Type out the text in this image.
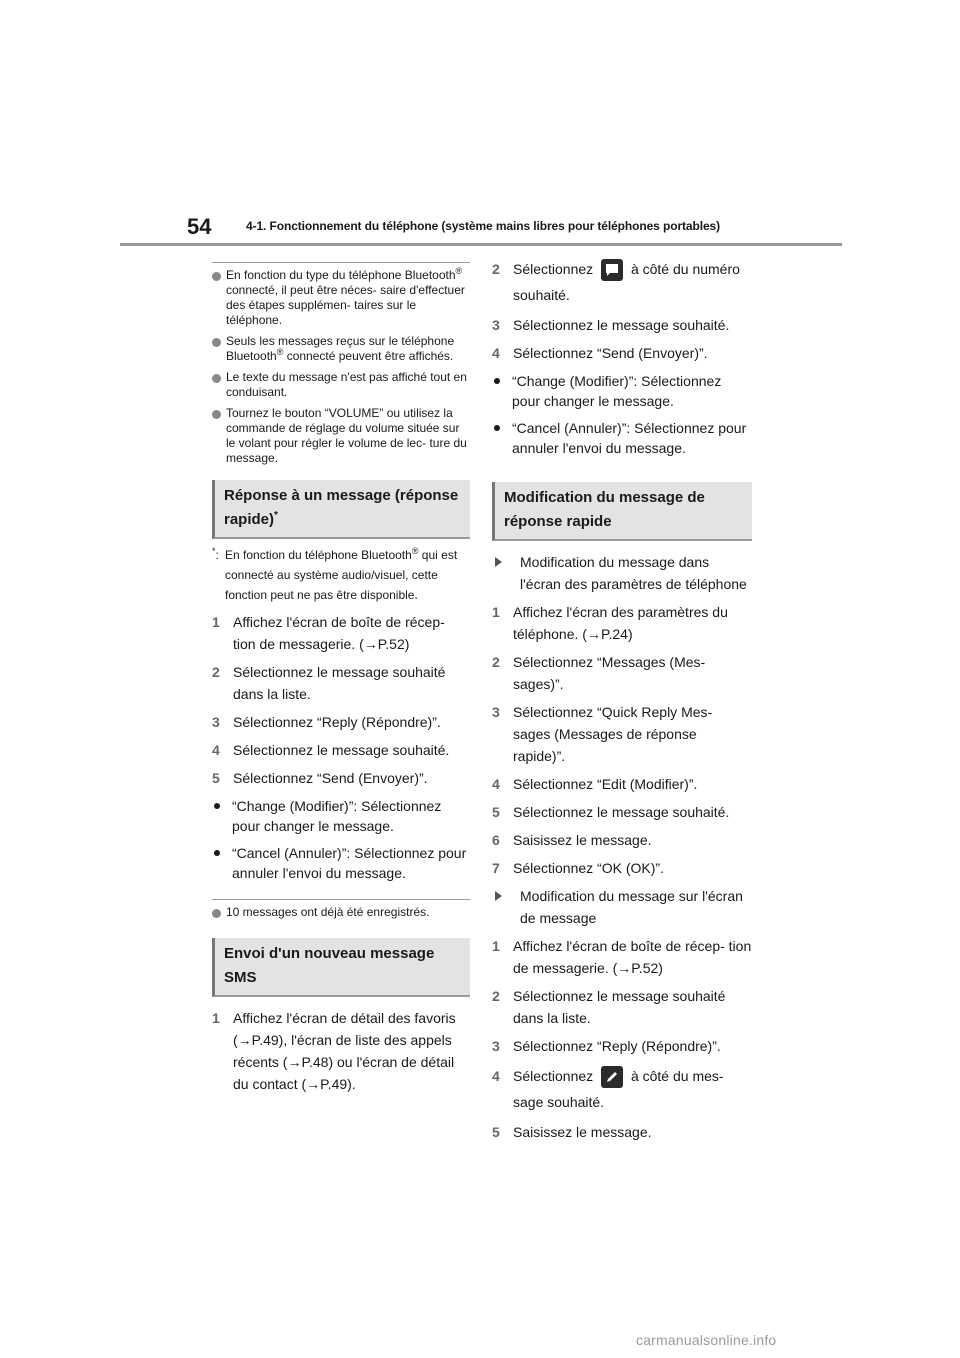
54	4-1. Fonctionnement du téléphone (système mains libres pour téléphones portables)
En fonction du type du téléphone Bluetooth® connecté, il peut être néces- saire d'effectuer des étapes supplémen- taires sur le téléphone.
Seuls les messages reçus sur le téléphone Bluetooth® connecté peuvent être affichés.
Le texte du message n'est pas affiché tout en conduisant.
Tournez le bouton “VOLUME” ou utilisez la commande de réglage du volume située sur le volant pour régler le volume de lec- ture du message.
Réponse à un message (réponse rapide)*
*: En fonction du téléphone Bluetooth® qui est connecté au système audio/visuel, cette fonction peut ne pas être disponible.
1 Affichez l'écran de boîte de récep- tion de messagerie. (→P.52)
2 Sélectionnez le message souhaité dans la liste.
3 Sélectionnez “Reply (Répondre)”.
4 Sélectionnez le message souhaité.
5 Sélectionnez “Send (Envoyer)”.
“Change (Modifier)”: Sélectionnez pour changer le message.
“Cancel (Annuler)”: Sélectionnez pour annuler l'envoi du message.
10 messages ont déjà été enregistrés.
Envoi d'un nouveau message SMS
1 Affichez l'écran de détail des favoris (→P.49), l'écran de liste des appels récents (→P.48) ou l'écran de détail du contact (→P.49).
2 Sélectionnez	à côté du numéro souhaité.
3 Sélectionnez le message souhaité.
4 Sélectionnez “Send (Envoyer)”.
“Change (Modifier)”: Sélectionnez pour changer le message.
“Cancel (Annuler)”: Sélectionnez pour annuler l'envoi du message.
Modification du message de réponse rapide
Modification du message dans l'écran des paramètres de téléphone
1 Affichez l'écran des paramètres du téléphone. (→P.24)
2 Sélectionnez “Messages (Mes- sages)”.
3 Sélectionnez “Quick Reply Mes- sages (Messages de réponse rapide)”.
4 Sélectionnez “Edit (Modifier)”.
5 Sélectionnez le message souhaité.
6 Saisissez le message.
7 Sélectionnez “OK (OK)”.
Modification du message sur l'écran de message
1 Affichez l'écran de boîte de récep- tion de messagerie. (→P.52)
2 Sélectionnez le message souhaité dans la liste.
3 Sélectionnez “Reply (Répondre)”.
4 Sélectionnez	à côté du mes- sage souhaité.
5 Saisissez le message.
carmanualsonline.info
